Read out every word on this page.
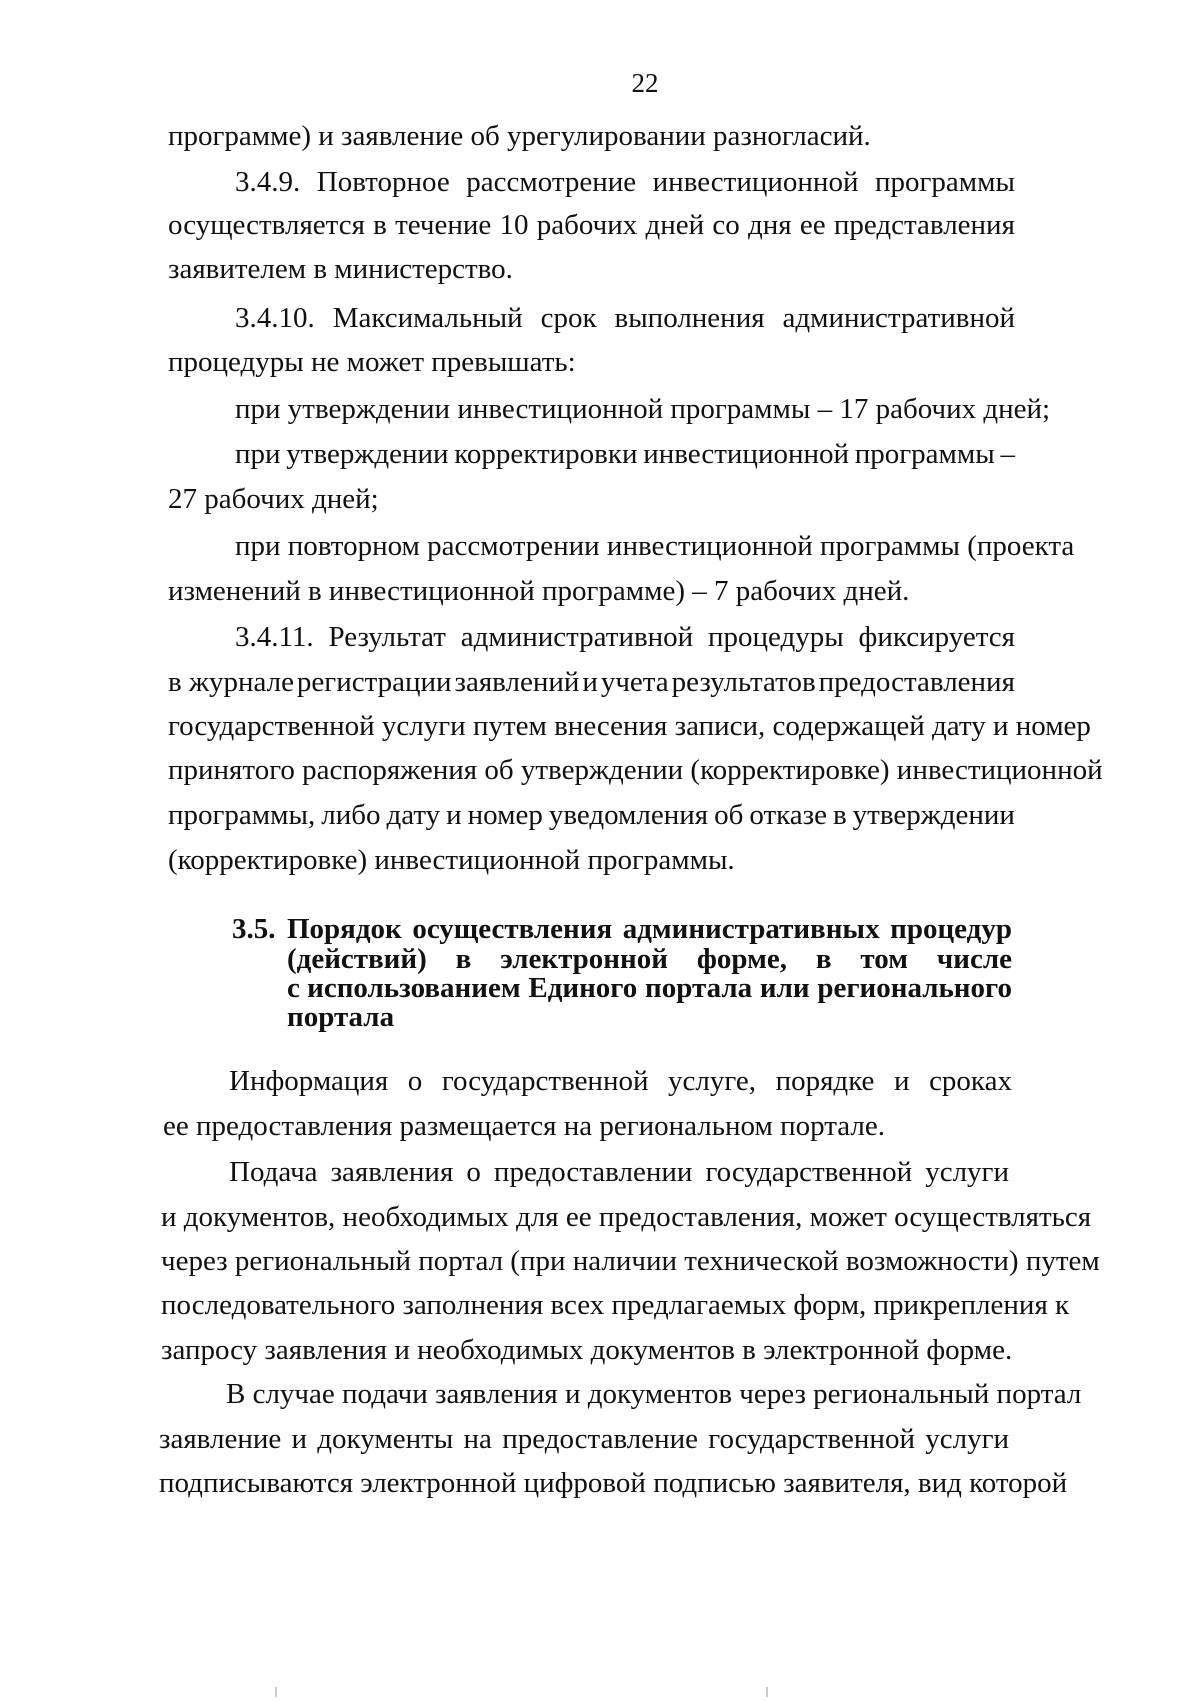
22
программе) и заявление об урегулировании разногласий.
3.4.9. Повторное рассмотрение инвестиционной программы
осуществляется в течение 10 рабочих дней со дня ее представления
заявителем в министерство.
3.4.10. Максимальный срок выполнения административной
процедуры не может превышать:
при утверждении инвестиционной программы – 17 рабочих дней;
при утверждении корректировки инвестиционной программы –
27 рабочих дней;
при повторном рассмотрении инвестиционной программы (проекта
изменений в инвестиционной программе) – 7 рабочих дней.
3.4.11. Результат административной процедуры фиксируется
в журнале регистрации заявлений и учета результатов предоставления
государственной услуги путем внесения записи, содержащей дату и номер
принятого распоряжения об утверждении (корректировке) инвестиционной
программы, либо дату и номер уведомления об отказе в утверждении
(корректировке) инвестиционной программы.
3.5. Порядок осуществления административных процедур
(действий) в электронной форме, в том числе
с использованием Единого портала или регионального
портала
Информация о государственной услуге, порядке и сроках
ее предоставления размещается на региональном портале.
Подача заявления о предоставлении государственной услуги
и документов, необходимых для ее предоставления, может осуществляться
через региональный портал (при наличии технической возможности) путем
последовательного заполнения всех предлагаемых форм, прикрепления к
запросу заявления и необходимых документов в электронной форме.
В случае подачи заявления и документов через региональный портал
заявление и документы на предоставление государственной услуги
подписываются электронной цифровой подписью заявителя, вид которой
